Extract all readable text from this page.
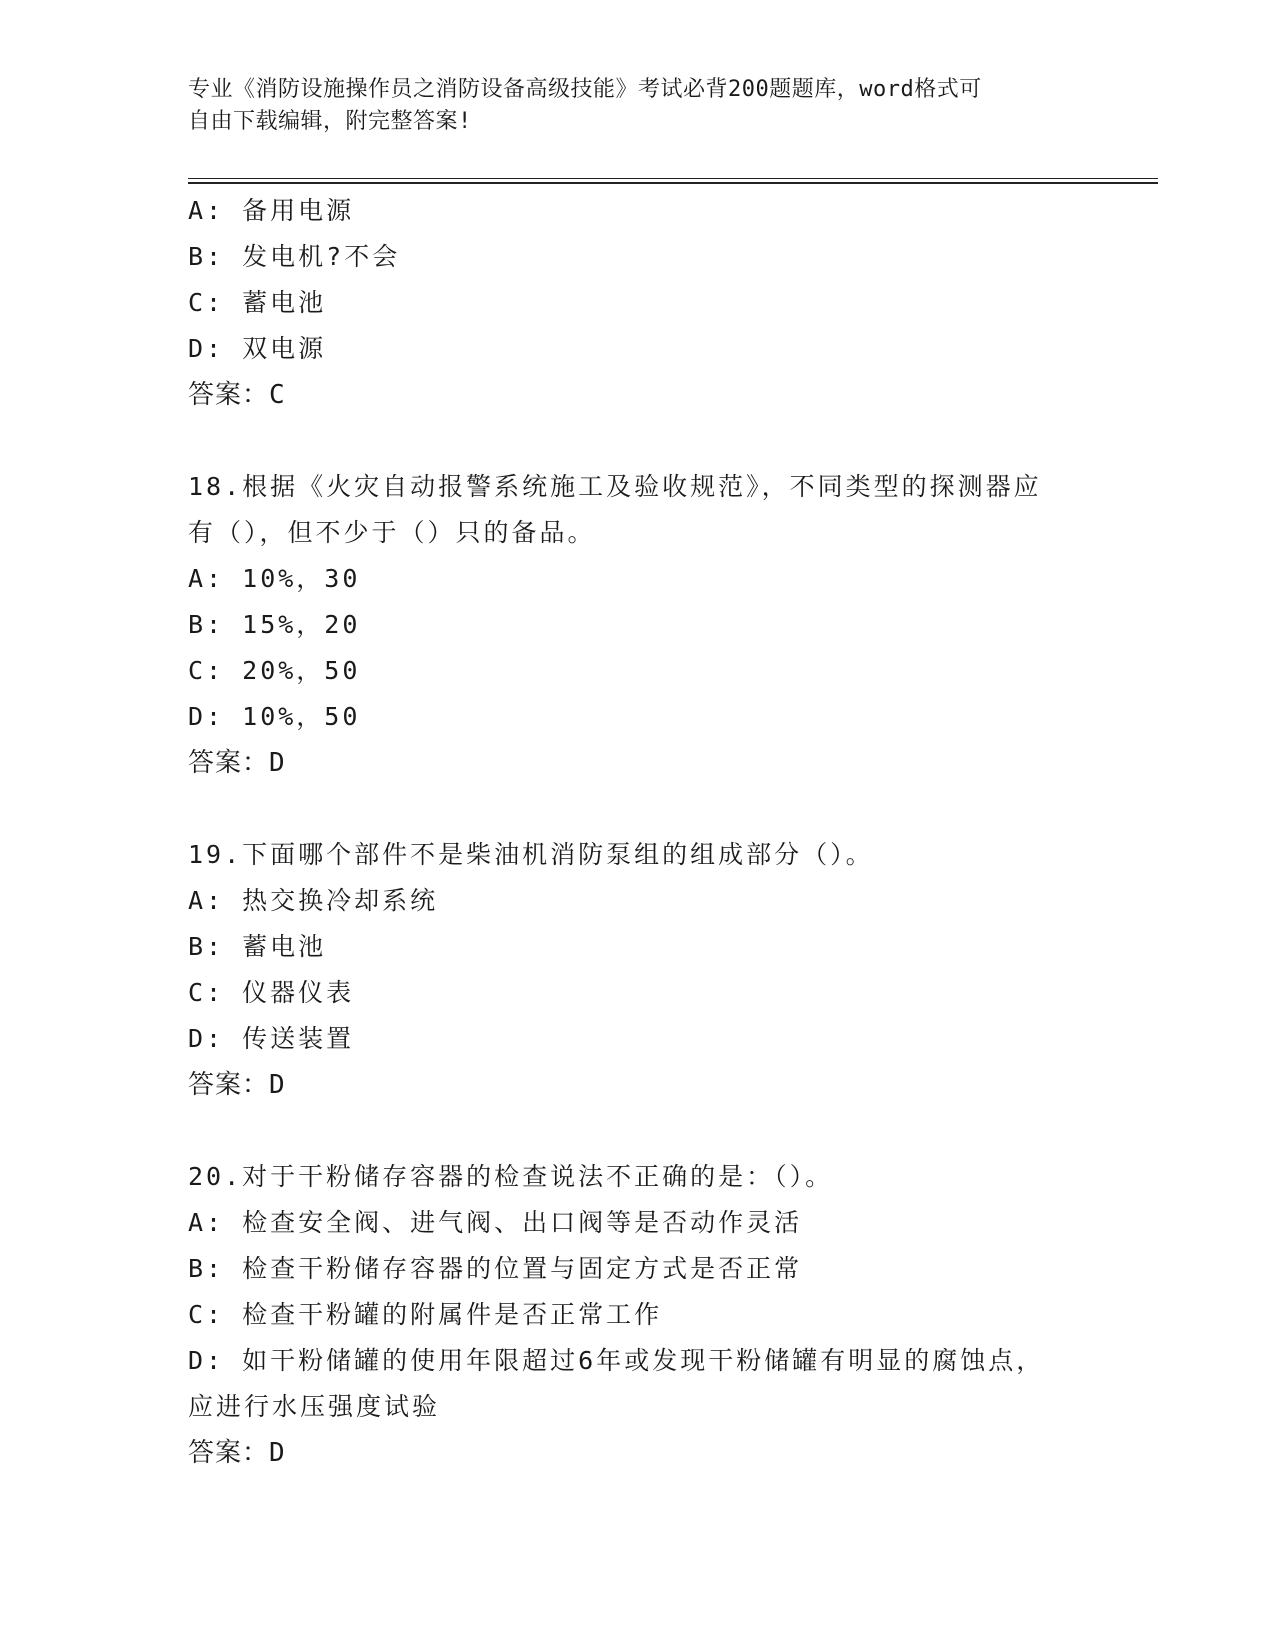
专业《消防设施操作员之消防设备高级技能》考试必背200题题库，word格式可
自由下载编辑，附完整答案!
A: 备用电源
B: 发电机?不会
C: 蓄电池
D: 双电源
答案：C
18.根据《火灾自动报警系统施工及验收规范》，不同类型的探测器应
有（），但不少于（）只的备品。
A: 10%，30
B: 15%，20
C: 20%，50
D: 10%，50
答案：D
19.下面哪个部件不是柴油机消防泵组的组成部分（）。
A: 热交换冷却系统
B: 蓄电池
C: 仪器仪表
D: 传送装置
答案：D
20.对于干粉储存容器的检查说法不正确的是：（）。
A: 检查安全阀、进气阀、出口阀等是否动作灵活
B: 检查干粉储存容器的位置与固定方式是否正常
C: 检查干粉罐的附属件是否正常工作
D: 如干粉储罐的使用年限超过6年或发现干粉储罐有明显的腐蚀点，
应进行水压强度试验
答案：D
